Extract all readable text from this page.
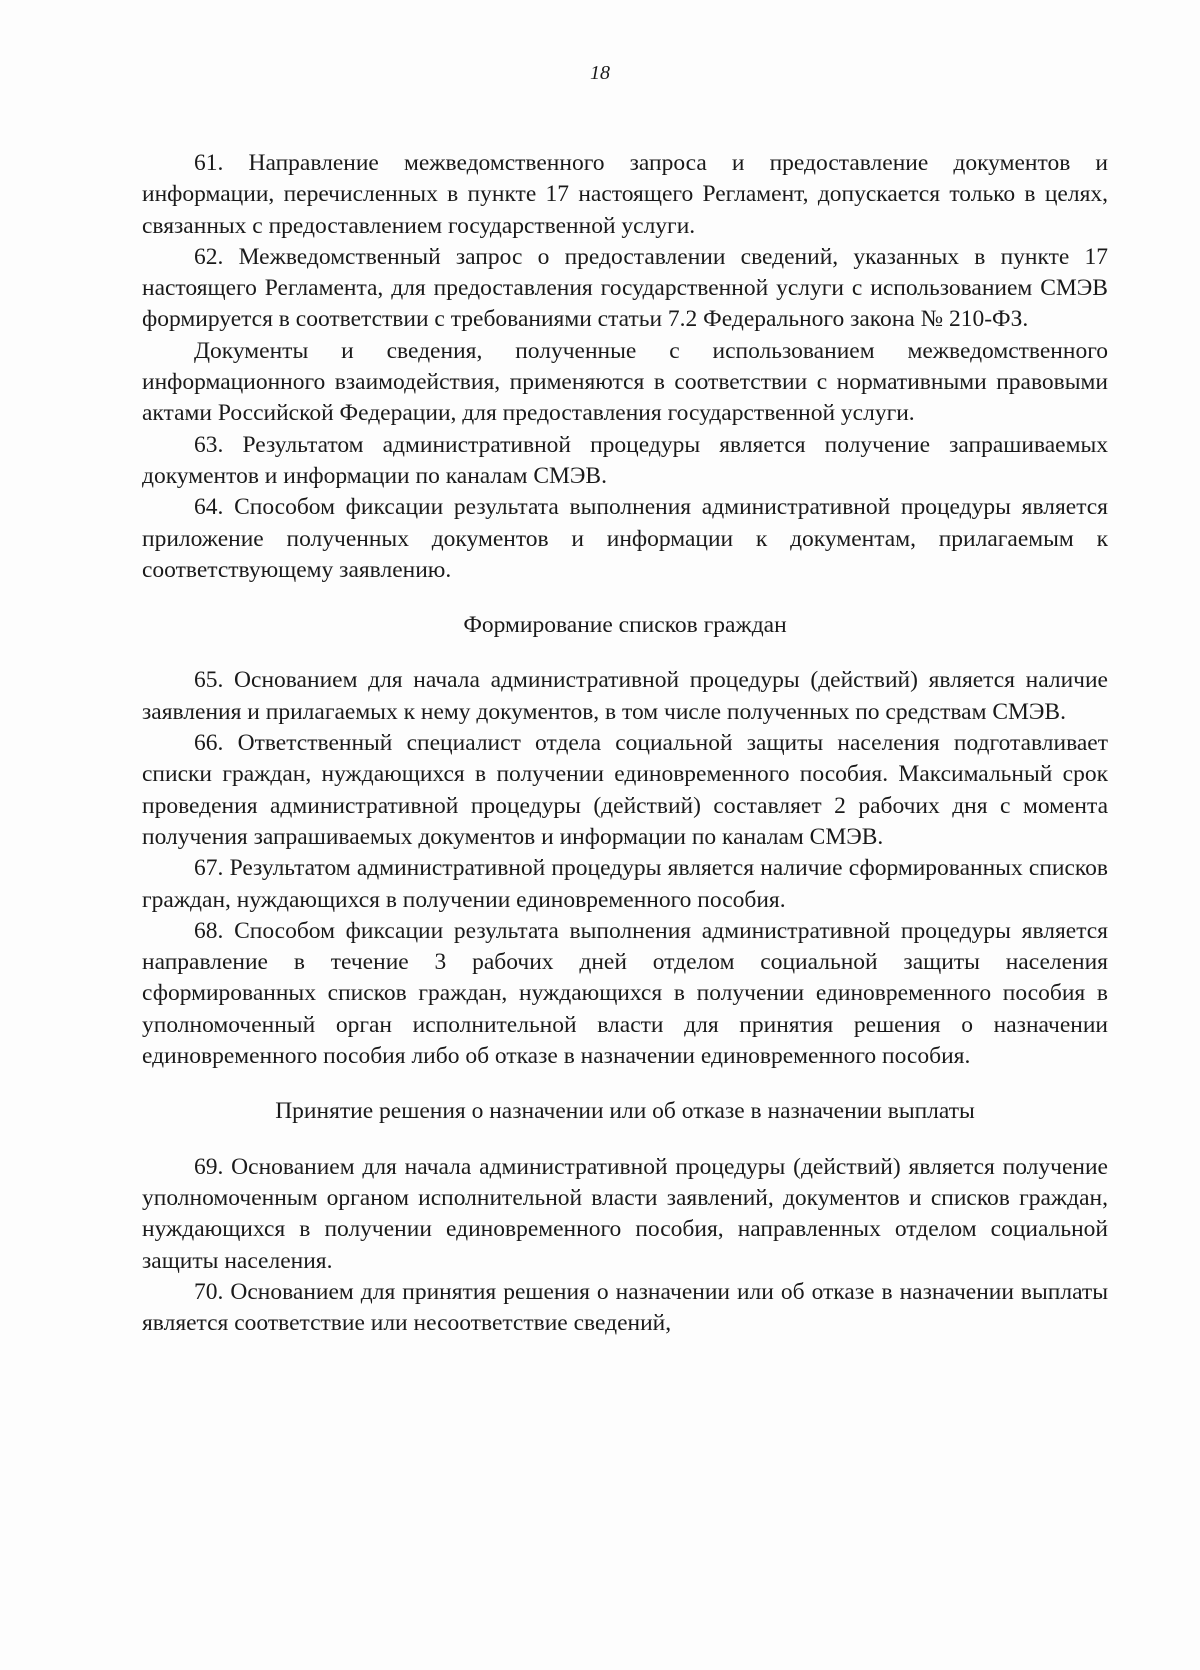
18

61. Направление межведомственного запроса и предоставление документов и информации, перечисленных в пункте 17 настоящего Регламент, допускается только в целях, связанных с предоставлением государственной услуги.

62. Межведомственный запрос о предоставлении сведений, указанных в пункте 17 настоящего Регламента, для предоставления государственной услуги с использованием СМЭВ формируется в соответствии с требованиями статьи 7.2 Федерального закона № 210-ФЗ.

Документы и сведения, полученные с использованием межведомственного информационного взаимодействия, применяются в соответствии с нормативными правовыми актами Российской Федерации, для предоставления государственной услуги.

63. Результатом административной процедуры является получение запрашиваемых документов и информации по каналам СМЭВ.

64. Способом фиксации результата выполнения административной процедуры является приложение полученных документов и информации к документам, прилагаемым к соответствующему заявлению.

Формирование списков граждан

65. Основанием для начала административной процедуры (действий) является наличие заявления и прилагаемых к нему документов, в том числе полученных по средствам СМЭВ.

66. Ответственный специалист отдела социальной защиты населения подготавливает списки граждан, нуждающихся в получении единовременного пособия. Максимальный срок проведения административной процедуры (действий) составляет 2 рабочих дня с момента получения запрашиваемых документов и информации по каналам СМЭВ.

67. Результатом административной процедуры является наличие сформированных списков граждан, нуждающихся в получении единовременного пособия.

68. Способом фиксации результата выполнения административной процедуры является направление в течение 3 рабочих дней отделом социальной защиты населения сформированных списков граждан, нуждающихся в получении единовременного пособия в уполномоченный орган исполнительной власти для принятия решения о назначении единовременного пособия либо об отказе в назначении единовременного пособия.

Принятие решения о назначении или об отказе в назначении выплаты

69. Основанием для начала административной процедуры (действий) является получение уполномоченным органом исполнительной власти заявлений, документов и списков граждан, нуждающихся в получении единовременного пособия, направленных отделом социальной защиты населения.

70. Основанием для принятия решения о назначении или об отказе в назначении выплаты является соответствие или несоответствие сведений,
